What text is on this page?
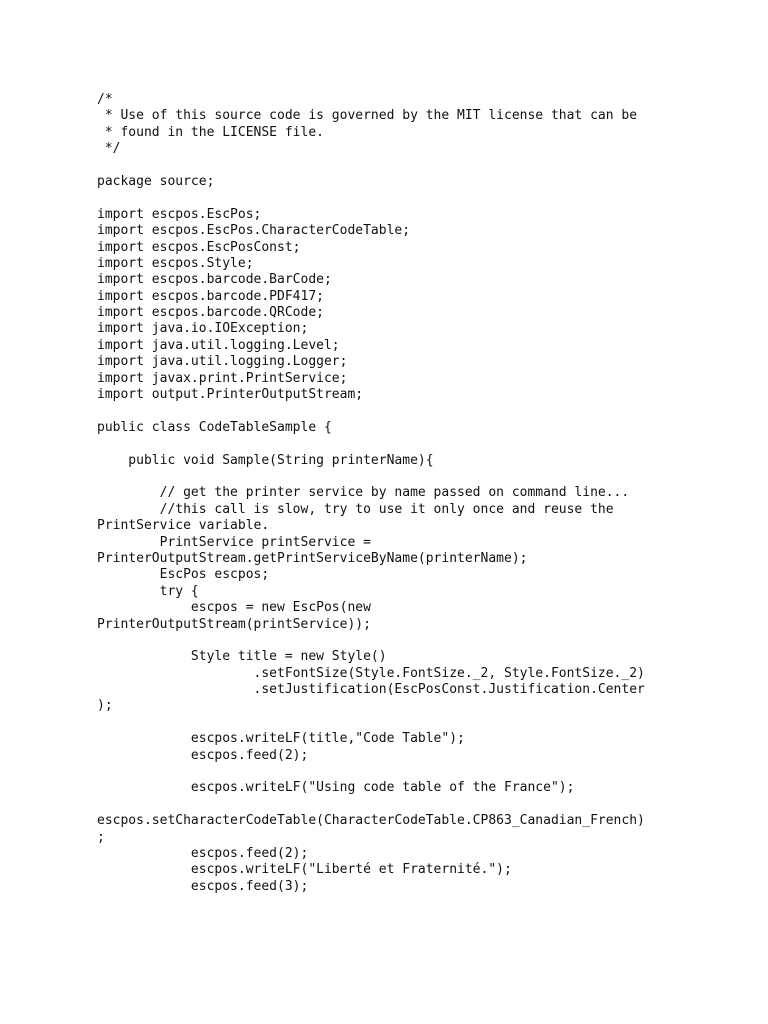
/*
* Use of this source code is governed by the MIT license that can be
* found in the LICENSE file.
*/
package source;
import escpos.EscPos;
import escpos.EscPos.CharacterCodeTable;
import escpos.EscPosConst;
import escpos.Style;
import escpos.barcode.BarCode;
import escpos.barcode.PDF417;
import escpos.barcode.QRCode;
import java.io.IOException;
import java.util.logging.Level;
import java.util.logging.Logger;
import javax.print.PrintService;
import output.PrinterOutputStream;
public class CodeTableSample {
public void Sample(String printerName){
// get the printer service by name passed on command line...
//this call is slow, try to use it only once and reuse the
PrintService variable.
PrintService printService =
PrinterOutputStream.getPrintServiceByName(printerName);
EscPos escpos;
try {
escpos = new EscPos(new
PrinterOutputStream(printService));
Style title = new Style()
.setFontSize(Style.FontSize._2, Style.FontSize._2)
.setJustification(EscPosConst.Justification.Center
);
escpos.writeLF(title,"Code Table");
escpos.feed(2);
escpos.writeLF("Using code table of the France");
escpos.setCharacterCodeTable(CharacterCodeTable.CP863_Canadian_French)
;
escpos.feed(2);
escpos.writeLF("Liberté et Fraternité.");
escpos.feed(3);
